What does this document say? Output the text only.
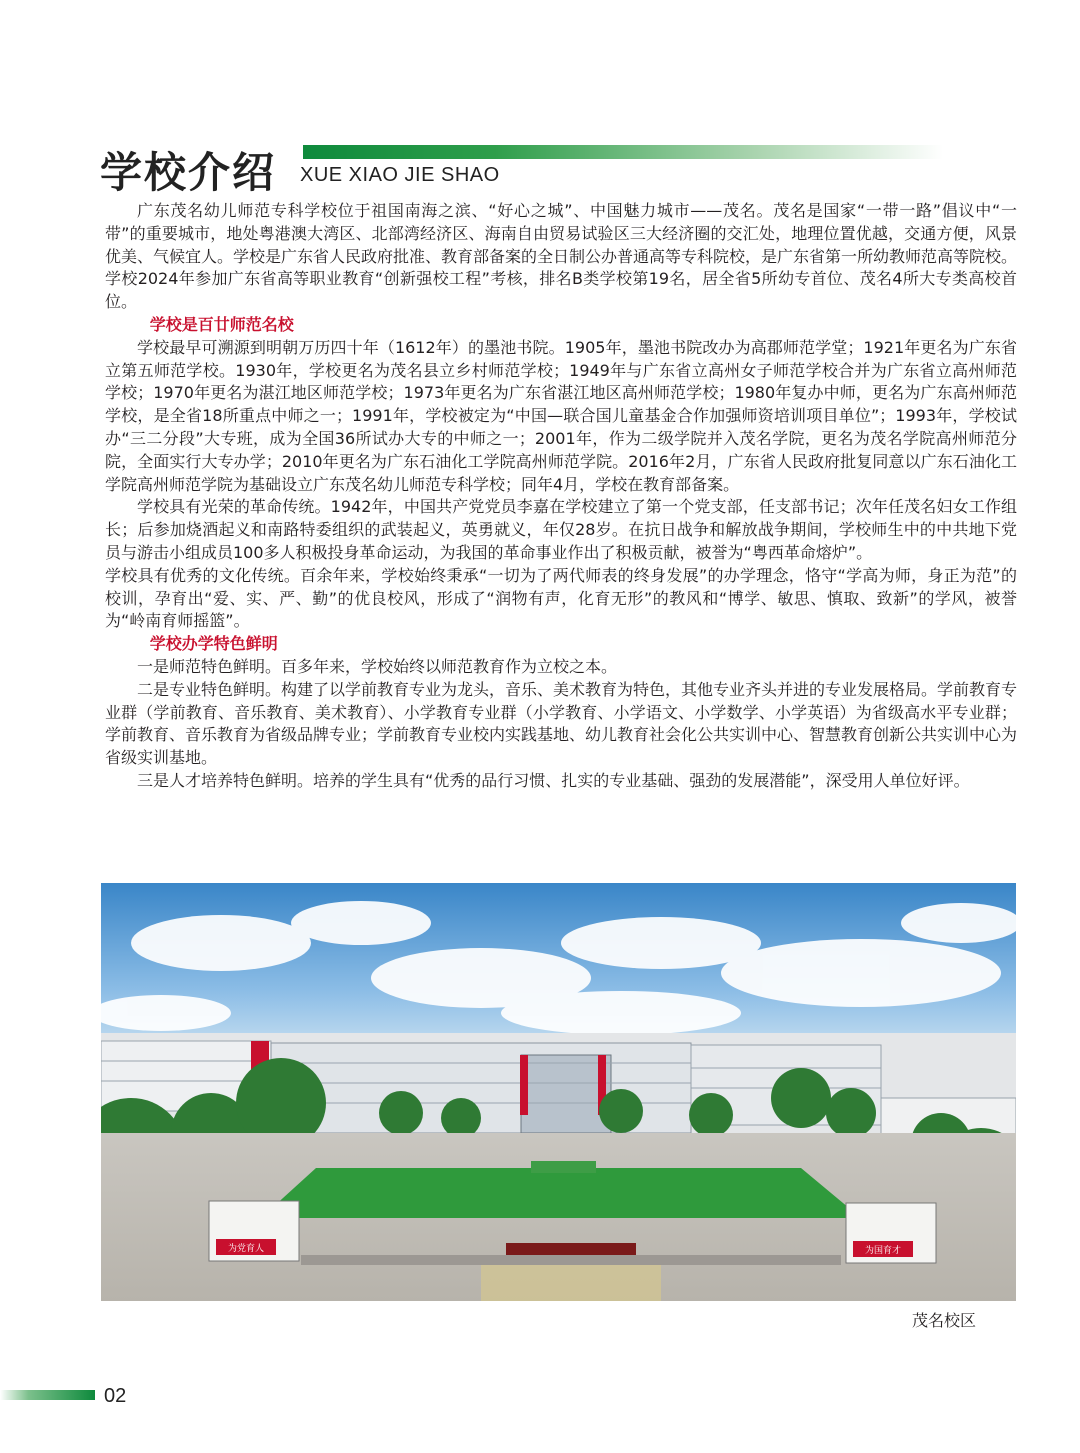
学校介绍 XUE XIAO JIE SHAO

广东茂名幼儿师范专科学校位于祖国南海之滨、“好心之城”、中国魅力城市——茂名。茂名是国家“一带一路”倡议中“一带”的重要城市，地处粤港澳大湾区、北部湾经济区、海南自由贸易试验区三大经济圈的交汇处，地理位置优越，交通方便，风景优美、气候宜人。学校是广东省人民政府批准、教育部备案的全日制公办普通高等专科院校，是广东省第一所幼教师范高等院校。学校2024年参加广东省高等职业教育“创新强校工程”考核，排名B类学校第19名，居全省5所幼专首位、茂名4所大专类高校首位。

学校是百廿师范名校

学校最早可溯源到明朝万历四十年（1612年）的墨池书院。1905年，墨池书院改办为高郡师范学堂；1921年更名为广东省立第五师范学校。1930年，学校更名为茂名县立乡村师范学校；1949年与广东省立高州女子师范学校合并为广东省立高州师范学校；1970年更名为湛江地区师范学校；1973年更名为广东省湛江地区高州师范学校；1980年复办中师，更名为广东高州师范学校，是全省18所重点中师之一；1991年，学校被定为“中国—联合国儿童基金合作加强师资培训项目单位”；1993年，学校试办“三二分段”大专班，成为全国36所试办大专的中师之一；2001年，作为二级学院并入茂名学院，更名为茂名学院高州师范分院，全面实行大专办学；2010年更名为广东石油化工学院高州师范学院。2016年2月，广东省人民政府批复同意以广东石油化工学院高州师范学院为基础设立广东茂名幼儿师范专科学校；同年4月，学校在教育部备案。

学校具有光荣的革命传统。1942年，中国共产党党员李嘉在学校建立了第一个党支部，任支部书记；次年任茂名妇女工作组长；后参加烧酒起义和南路特委组织的武装起义，英勇就义，年仅28岁。在抗日战争和解放战争期间，学校师生中的中共地下党员与游击小组成员100多人积极投身革命运动，为我国的革命事业作出了积极贡献，被誉为“粤西革命熔炉”。

学校具有优秀的文化传统。百余年来，学校始终秉承“一切为了两代师表的终身发展”的办学理念，恪守“学高为师，身正为范”的校训，孕育出“爱、实、严、勤”的优良校风，形成了“润物有声，化育无形”的教风和“博学、敏思、慎取、致新”的学风，被誉为“岭南育师摇篮”。

学校办学特色鲜明

一是师范特色鲜明。百多年来，学校始终以师范教育作为立校之本。

二是专业特色鲜明。构建了以学前教育专业为龙头，音乐、美术教育为特色，其他专业齐头并进的专业发展格局。学前教育专业群（学前教育、音乐教育、美术教育）、小学教育专业群（小学教育、小学语文、小学数学、小学英语）为省级高水平专业群；学前教育、音乐教育为省级品牌专业；学前教育专业校内实践基地、幼儿教育社会化公共实训中心、智慧教育创新公共实训中心为省级实训基地。

三是人才培养特色鲜明。培养的学生具有“优秀的品行习惯、扎实的专业基础、强劲的发展潜能”，深受用人单位好评。

为党育人	为国育才
茂名校区
02
